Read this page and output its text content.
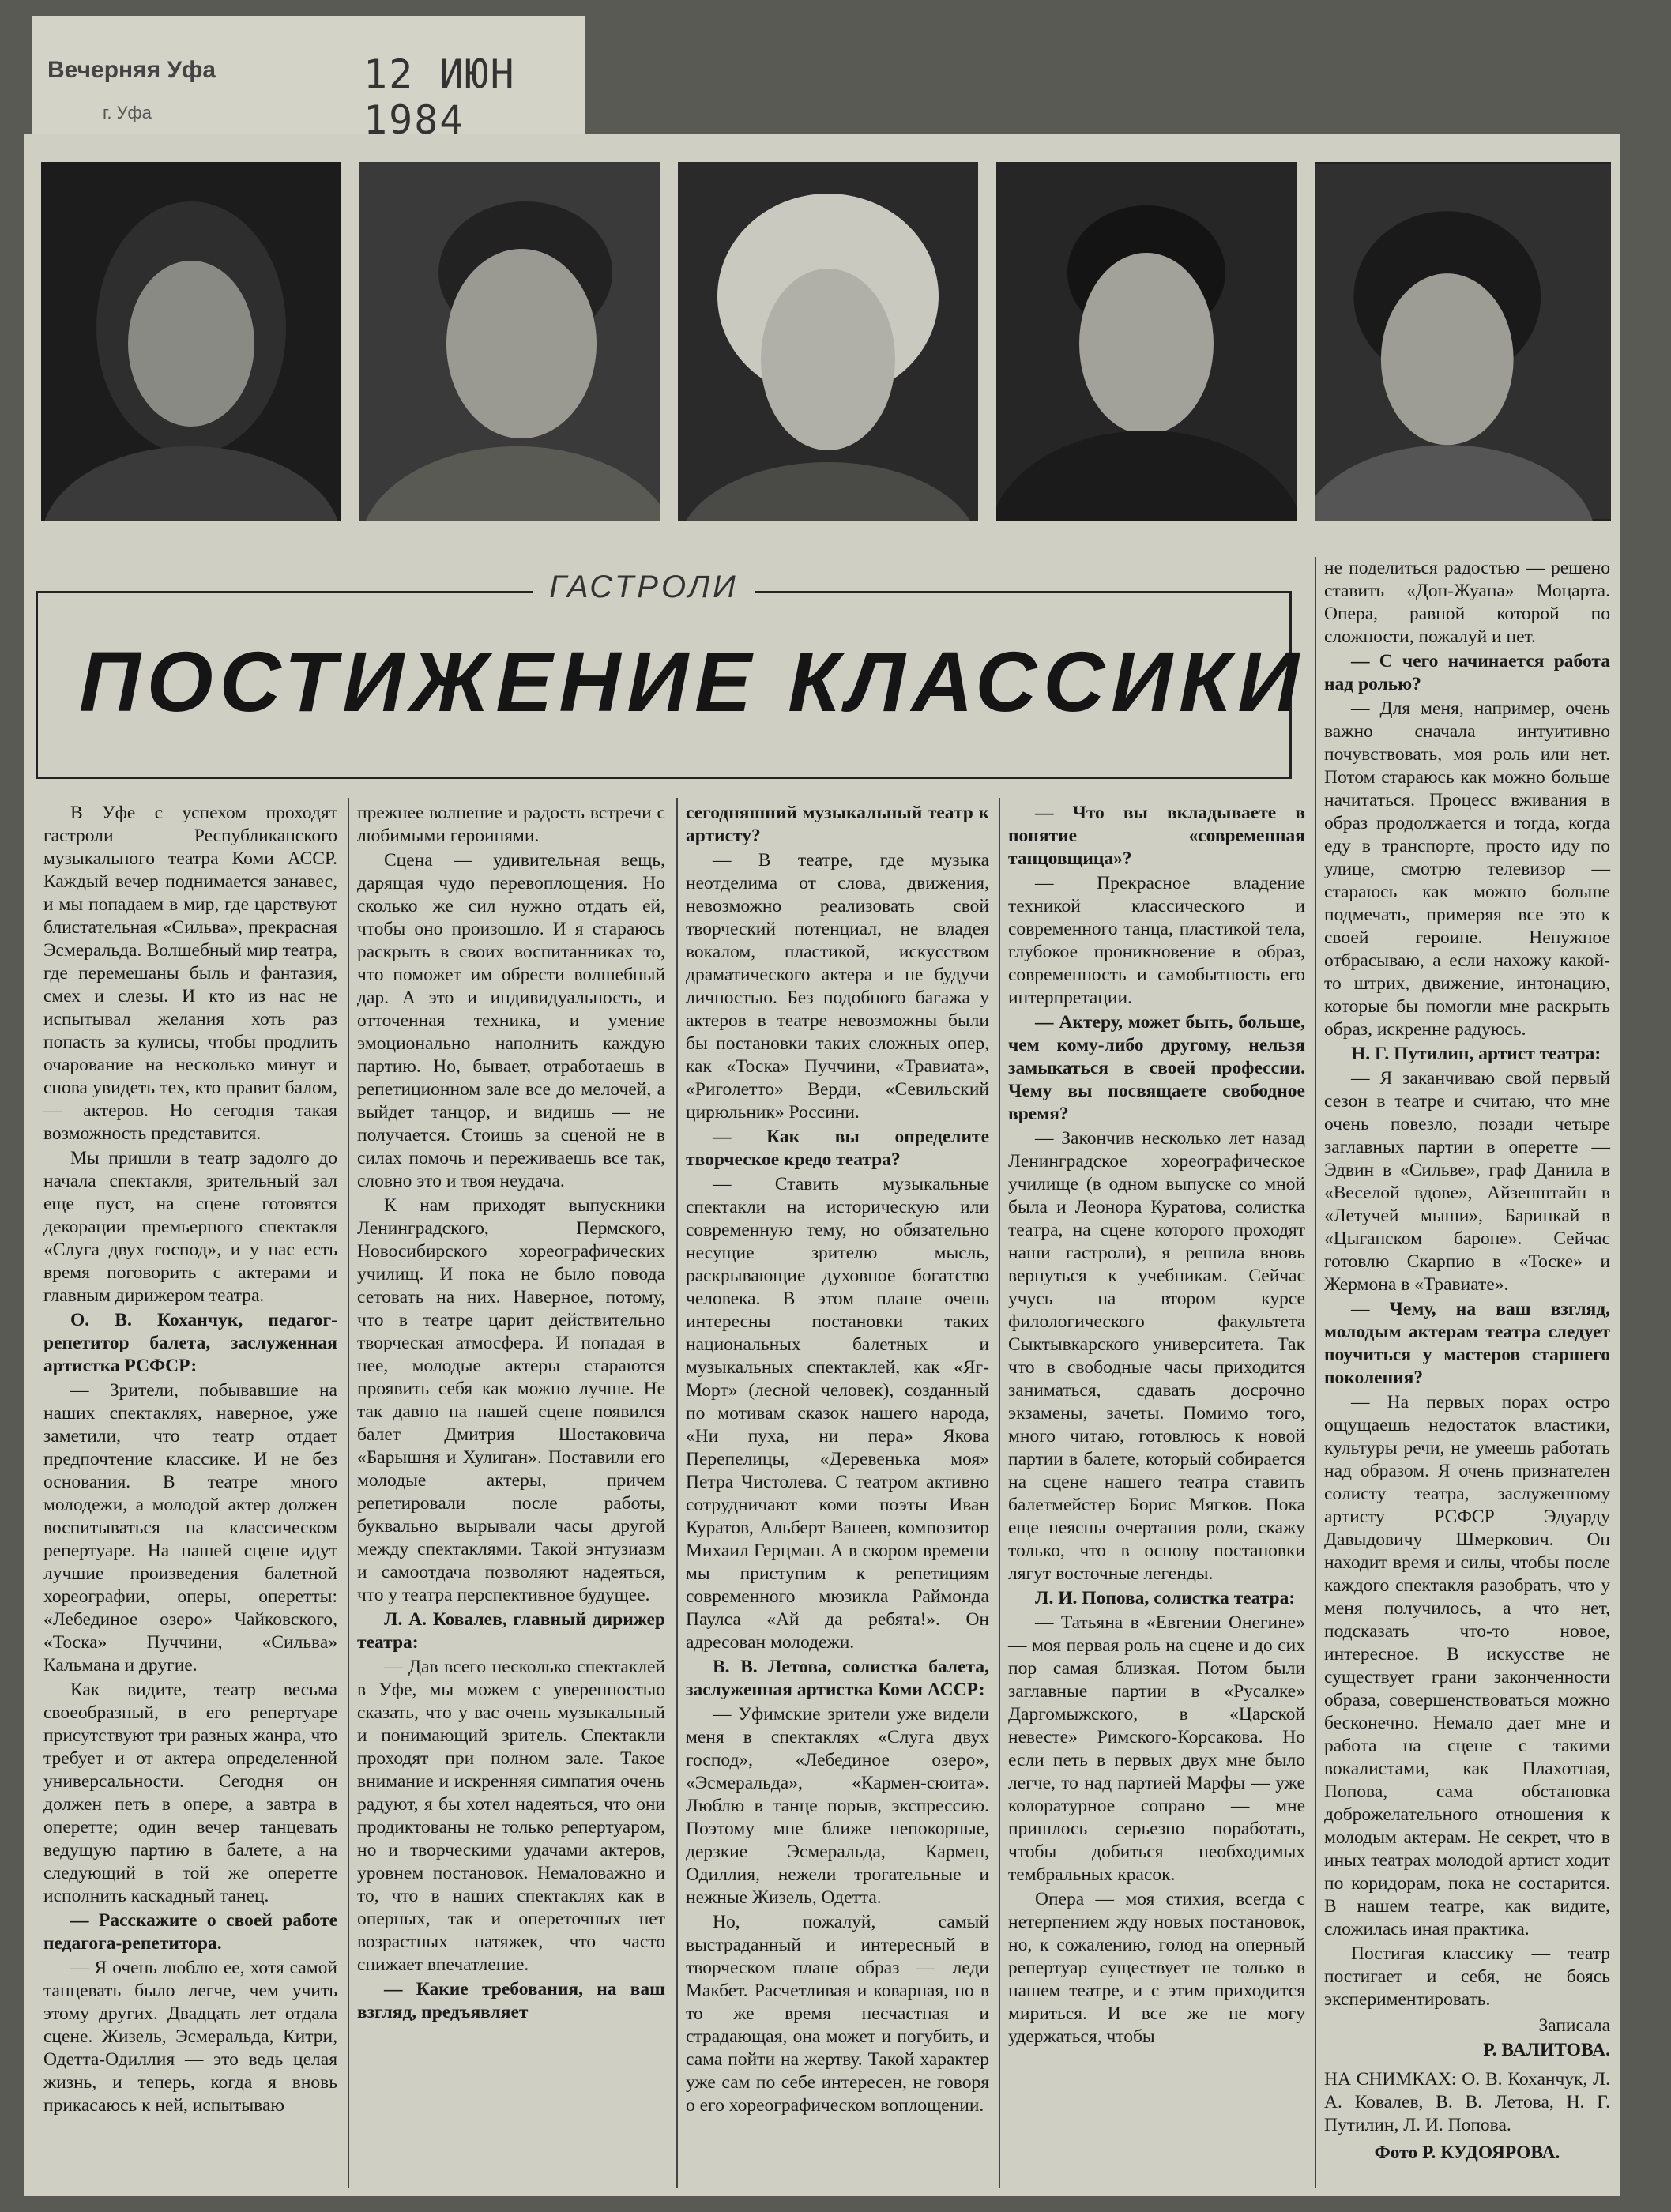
Вечерняя Уфа
г. Уфа
12 ИЮН 1984
ГАСТРОЛИ
ПОСТИЖЕНИЕ КЛАССИКИ

В Уфе с успехом проходят гастроли Республиканского музыкального театра Коми АССР. Каждый вечер поднимается занавес, и мы попадаем в мир, где царствуют блистательная «Сильва», прекрасная Эсмеральда. Волшебный мир театра, где перемешаны быль и фантазия, смех и слезы. И кто из нас не испытывал желания хоть раз попасть за кулисы, чтобы продлить очарование на несколько минут и снова увидеть тех, кто правит балом, — актеров. Но сегодня такая возможность представится.

Мы пришли в театр задолго до начала спектакля, зрительный зал еще пуст, на сцене готовятся декорации премьерного спектакля «Слуга двух господ», и у нас есть время поговорить с актерами и главным дирижером театра.

О. В. Коханчук, педагог-репетитор балета, заслуженная артистка РСФСР:

— Зрители, побывавшие на наших спектаклях, наверное, уже заметили, что театр отдает предпочтение классике. И не без основания. В театре много молодежи, а молодой актер должен воспитываться на классическом репертуаре. На нашей сцене идут лучшие произведения балетной хореографии, оперы, оперетты: «Лебединое озеро» Чайковского, «Тоска» Пуччини, «Сильва» Кальмана и другие.

Как видите, театр весьма своеобразный, в его репертуаре присутствуют три разных жанра, что требует и от актера определенной универсальности. Сегодня он должен петь в опере, а завтра в оперетте; один вечер танцевать ведущую партию в балете, а на следующий в той же оперетте исполнить каскадный танец.

— Расскажите о своей работе педагога-репетитора.

— Я очень люблю ее, хотя самой танцевать было легче, чем учить этому других. Двадцать лет отдала сцене. Жизель, Эсмеральда, Китри, Одетта-Одиллия — это ведь целая жизнь, и теперь, когда я вновь прикасаюсь к ней, испытываю

прежнее волнение и радость встречи с любимыми героинями.

Сцена — удивительная вещь, дарящая чудо перевоплощения. Но сколько же сил нужно отдать ей, чтобы оно произошло. И я стараюсь раскрыть в своих воспитанниках то, что поможет им обрести волшебный дар. А это и индивидуальность, и отточенная техника, и умение эмоционально наполнить каждую партию. Но, бывает, отработаешь в репетиционном зале все до мелочей, а выйдет танцор, и видишь — не получается. Стоишь за сценой не в силах помочь и переживаешь все так, словно это и твоя неудача.

К нам приходят выпускники Ленинградского, Пермского, Новосибирского хореографических училищ. И пока не было повода сетовать на них. Наверное, потому, что в театре царит действительно творческая атмосфера. И попадая в нее, молодые актеры стараются проявить себя как можно лучше. Не так давно на нашей сцене появился балет Дмитрия Шостаковича «Барышня и Хулиган». Поставили его молодые актеры, причем репетировали после работы, буквально вырывали часы другой между спектаклями. Такой энтузиазм и самоотдача позволяют надеяться, что у театра перспективное будущее.

Л. А. Ковалев, главный дирижер театра:

— Дав всего несколько спектаклей в Уфе, мы можем с уверенностью сказать, что у вас очень музыкальный и понимающий зритель. Спектакли проходят при полном зале. Такое внимание и искренняя симпатия очень радуют, я бы хотел надеяться, что они продиктованы не только репертуаром, но и творческими удачами актеров, уровнем постановок. Немаловажно и то, что в наших спектаклях как в оперных, так и опереточных нет возрастных натяжек, что часто снижает впечатление.

— Какие требования, на ваш взгляд, предъявляет

сегодняшний музыкальный театр к артисту?

— В театре, где музыка неотделима от слова, движения, невозможно реализовать свой творческий потенциал, не владея вокалом, пластикой, искусством драматического актера и не будучи личностью. Без подобного багажа у актеров в театре невозможны были бы постановки таких сложных опер, как «Тоска» Пуччини, «Травиата», «Риголетто» Верди, «Севильский цирюльник» Россини.

— Как вы определите творческое кредо театра?

— Ставить музыкальные спектакли на историческую или современную тему, но обязательно несущие зрителю мысль, раскрывающие духовное богатство человека. В этом плане очень интересны постановки таких национальных балетных и музыкальных спектаклей, как «Яг-Морт» (лесной человек), созданный по мотивам сказок нашего народа, «Ни пуха, ни пера» Якова Перепелицы, «Деревенька моя» Петра Чистолева. С театром активно сотрудничают коми поэты Иван Куратов, Альберт Ванеев, композитор Михаил Герцман. А в скором времени мы приступим к репетициям современного мюзикла Раймонда Паулса «Ай да ребята!». Он адресован молодежи.

В. В. Летова, солистка балета, заслуженная артистка Коми АССР:

— Уфимские зрители уже видели меня в спектаклях «Слуга двух господ», «Лебединое озеро», «Эсмеральда», «Кармен-сюита». Люблю в танце порыв, экспрессию. Поэтому мне ближе непокорные, дерзкие Эсмеральда, Кармен, Одиллия, нежели трогательные и нежные Жизель, Одетта.

Но, пожалуй, самый выстраданный и интересный в творческом плане образ — леди Макбет. Расчетливая и коварная, но в то же время несчастная и страдающая, она может и погубить, и сама пойти на жертву. Такой характер уже сам по себе интересен, не говоря о его хореографическом воплощении.

— Что вы вкладываете в понятие «современная танцовщица»?

— Прекрасное владение техникой классического и современного танца, пластикой тела, глубокое проникновение в образ, современность и самобытность его интерпретации.

— Актеру, может быть, больше, чем кому-либо другому, нельзя замыкаться в своей профессии. Чему вы посвящаете свободное время?

— Закончив несколько лет назад Ленинградское хореографическое училище (в одном выпуске со мной была и Леонора Куратова, солистка театра, на сцене которого проходят наши гастроли), я решила вновь вернуться к учебникам. Сейчас учусь на втором курсе филологического факультета Сыктывкарского университета. Так что в свободные часы приходится заниматься, сдавать досрочно экзамены, зачеты. Помимо того, много читаю, готовлюсь к новой партии в балете, который собирается на сцене нашего театра ставить балетмейстер Борис Мягков. Пока еще неясны очертания роли, скажу только, что в основу постановки лягут восточные легенды.

Л. И. Попова, солистка театра:

— Татьяна в «Евгении Онегине» — моя первая роль на сцене и до сих пор самая близкая. Потом были заглавные партии в «Русалке» Даргомыжского, в «Царской невесте» Римского-Корсакова. Но если петь в первых двух мне было легче, то над партией Марфы — уже колоратурное сопрано — мне пришлось серьезно поработать, чтобы добиться необходимых тембральных красок.

Опера — моя стихия, всегда с нетерпением жду новых постановок, но, к сожалению, голод на оперный репертуар существует не только в нашем театре, и с этим приходится мириться. И все же не могу удержаться, чтобы

не поделиться радостью — решено ставить «Дон-Жуана» Моцарта. Опера, равной которой по сложности, пожалуй и нет.

— С чего начинается работа над ролью?

— Для меня, например, очень важно сначала интуитивно почувствовать, моя роль или нет. Потом стараюсь как можно больше начитаться. Процесс вживания в образ продолжается и тогда, когда еду в транспорте, просто иду по улице, смотрю телевизор — стараюсь как можно больше подмечать, примеряя все это к своей героине. Ненужное отбрасываю, а если нахожу какой-то штрих, движение, интонацию, которые бы помогли мне раскрыть образ, искренне радуюсь.

Н. Г. Путилин, артист театра:

— Я заканчиваю свой первый сезон в театре и считаю, что мне очень повезло, позади четыре заглавных партии в оперетте — Эдвин в «Сильве», граф Данила в «Веселой вдове», Айзенштайн в «Летучей мыши», Баринкай в «Цыганском бароне». Сейчас готовлю Скарпио в «Тоске» и Жермона в «Травиате».

— Чему, на ваш взгляд, молодым актерам театра следует поучиться у мастеров старшего поколения?

— На первых порах остро ощущаешь недостаток властики, культуры речи, не умеешь работать над образом. Я очень признателен солисту театра, заслуженному артисту РСФСР Эдуарду Давыдовичу Шмеркович. Он находит время и силы, чтобы после каждого спектакля разобрать, что у меня получилось, а что нет, подсказать что-то новое, интересное. В искусстве не существует грани законченности образа, совершенствоваться можно бесконечно. Немало дает мне и работа на сцене с такими вокалистами, как Плахотная, Попова, сама обстановка доброжелательного отношения к молодым актерам. Не секрет, что в иных театрах молодой артист ходит по коридорам, пока не состарится. В нашем театре, как видите, сложилась иная практика.

Постигая классику — театр постигает и себя, не боясь экспериментировать.

Записала

Р. ВАЛИТОВА.

НА СНИМКАХ: О. В. Коханчук, Л. А. Ковалев, В. В. Летова, Н. Г. Путилин, Л. И. Попова.

Фото Р. КУДОЯРОВА.
